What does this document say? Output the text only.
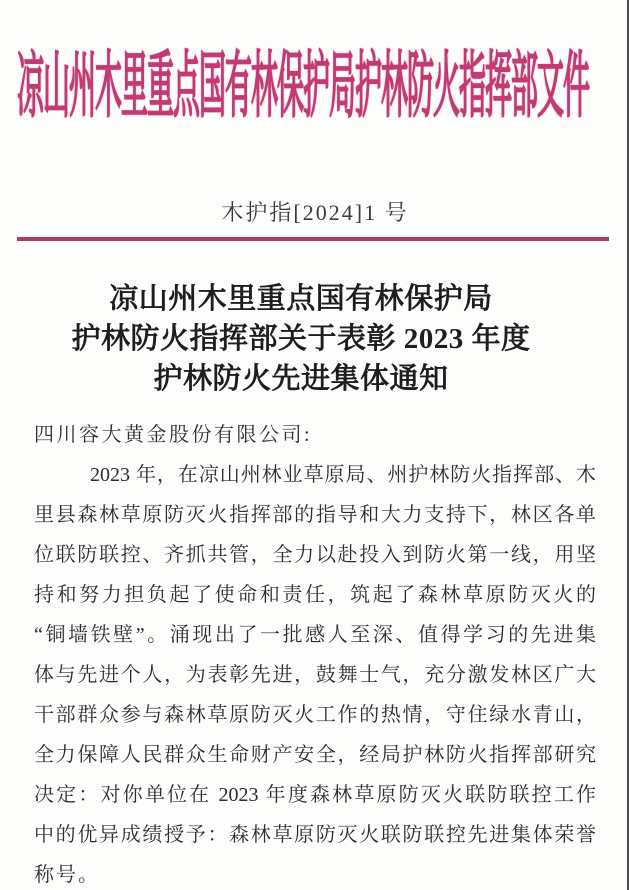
凉山州木里重点国有林保护局护林防火指挥部文件
木护指[2024]1 号
凉山州木里重点国有林保护局
护林防火指挥部关于表彰 2023 年度
护林防火先进集体通知
四川容大黄金股份有限公司:
2023 年，在凉山州林业草原局、州护林防火指挥部、木
里县森林草原防灭火指挥部的指导和大力支持下，林区各单
位联防联控、齐抓共管，全力以赴投入到防火第一线，用坚
持和努力担负起了使命和责任，筑起了森林草原防灭火的
“铜墙铁壁”。涌现出了一批感人至深、值得学习的先进集
体与先进个人，为表彰先进，鼓舞士气，充分激发林区广大
干部群众参与森林草原防灭火工作的热情，守住绿水青山，
全力保障人民群众生命财产安全，经局护林防火指挥部研究
决定：对你单位在 2023 年度森林草原防灭火联防联控工作
中的优异成绩授予：森林草原防灭火联防联控先进集体荣誉
称号。
